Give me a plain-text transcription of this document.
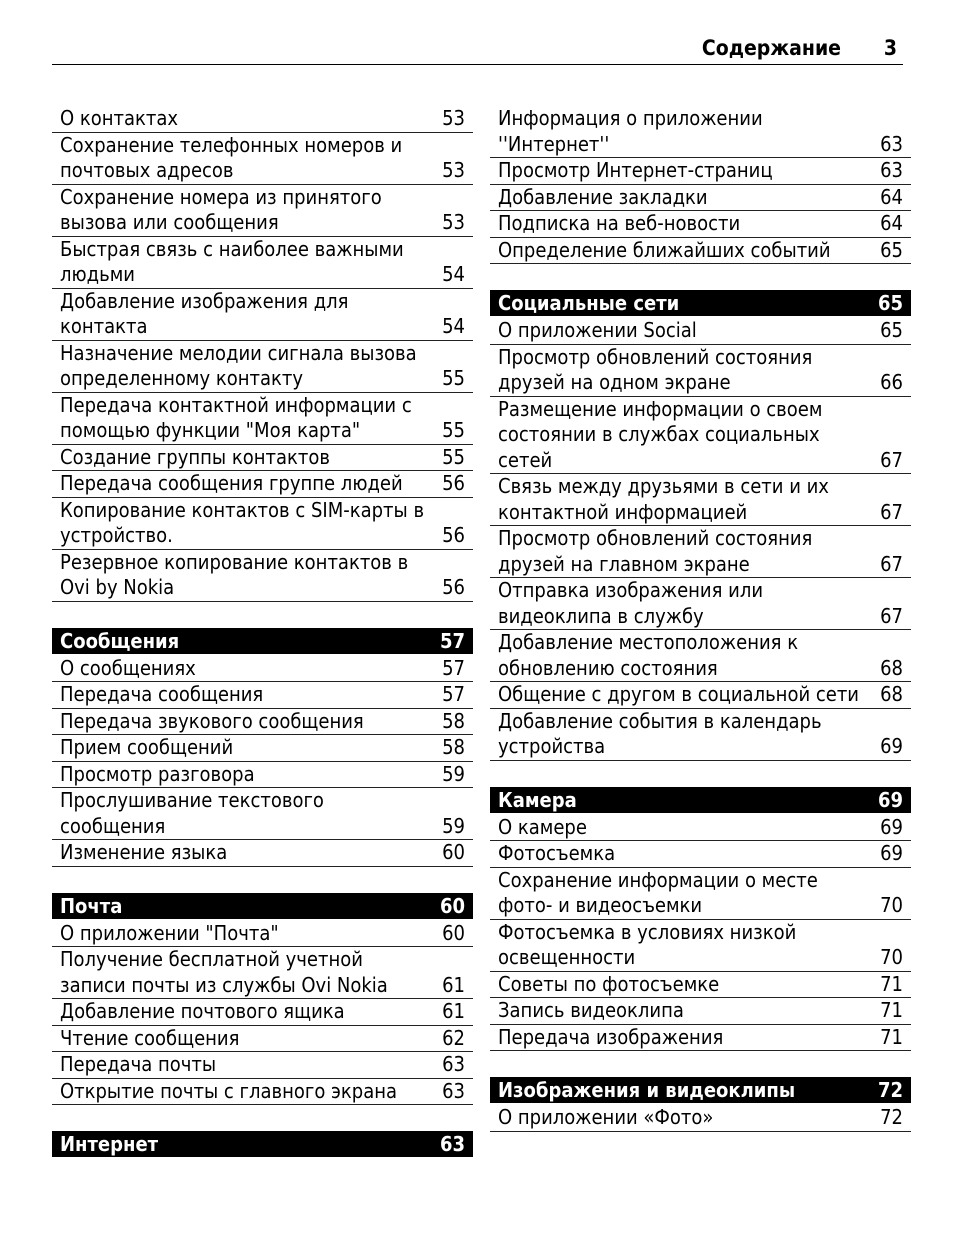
Содержание 3
О контактах	53
Сохранение телефонных номеров и почтовых адресов	53
Сохранение номера из принятого вызова или сообщения	53
Быстрая связь с наиболее важными людьми	54
Добавление изображения для контакта	54
Назначение мелодии сигнала вызова определенному контакту	55
Передача контактной информации с помощью функции "Моя карта"	55
Создание группы контактов	55
Передача сообщения группе людей 56
Копирование контактов с SIM-карты в устройство.	56
Резервное копирование контактов в Ovi by Nokia	56
Сообщения	57
О сообщениях	57
Передача сообщения	57
Передача звукового сообщения	58
Прием сообщений	58
Просмотр разговора	59
Прослушивание текстового сообщения	59
Изменение языка	60
Почта	60
О приложении "Почта"	60
Получение бесплатной учетной записи почты из службы Ovi Nokia	61
Добавление почтового ящика	61
Чтение сообщения	62
Передача почты	63
Открытие почты с главного экрана 63
Интернет	63
Информация о приложении ''Интернет''	63
Просмотр Интернет-страниц	63
Добавление закладки	64
Подписка на веб-новости	64
Определение ближайших событий 65
Социальные сети	65
О приложении Social	65
Просмотр обновлений состояния друзей на одном экране	66
Размещение информации о своем состоянии в службах социальных сетей	67
Связь между друзьями в сети и их контактной информацией	67
Просмотр обновлений состояния друзей на главном экране	67
Отправка изображения или видеоклипа в службу	67
Добавление местоположения к обновлению состояния	68
Общение с другом в социальной сети 68
Добавление события в календарь устройства	69
Камера	69
О камере	69
Фотосъемка	69
Сохранение информации о месте фото- и видеосъемки	70
Фотосъемка в условиях низкой освещенности	70
Советы по фотосъемке	71
Запись видеоклипа	71
Передача изображения	71
Изображения и видеоклипы	72
О приложении «Фото»	72
